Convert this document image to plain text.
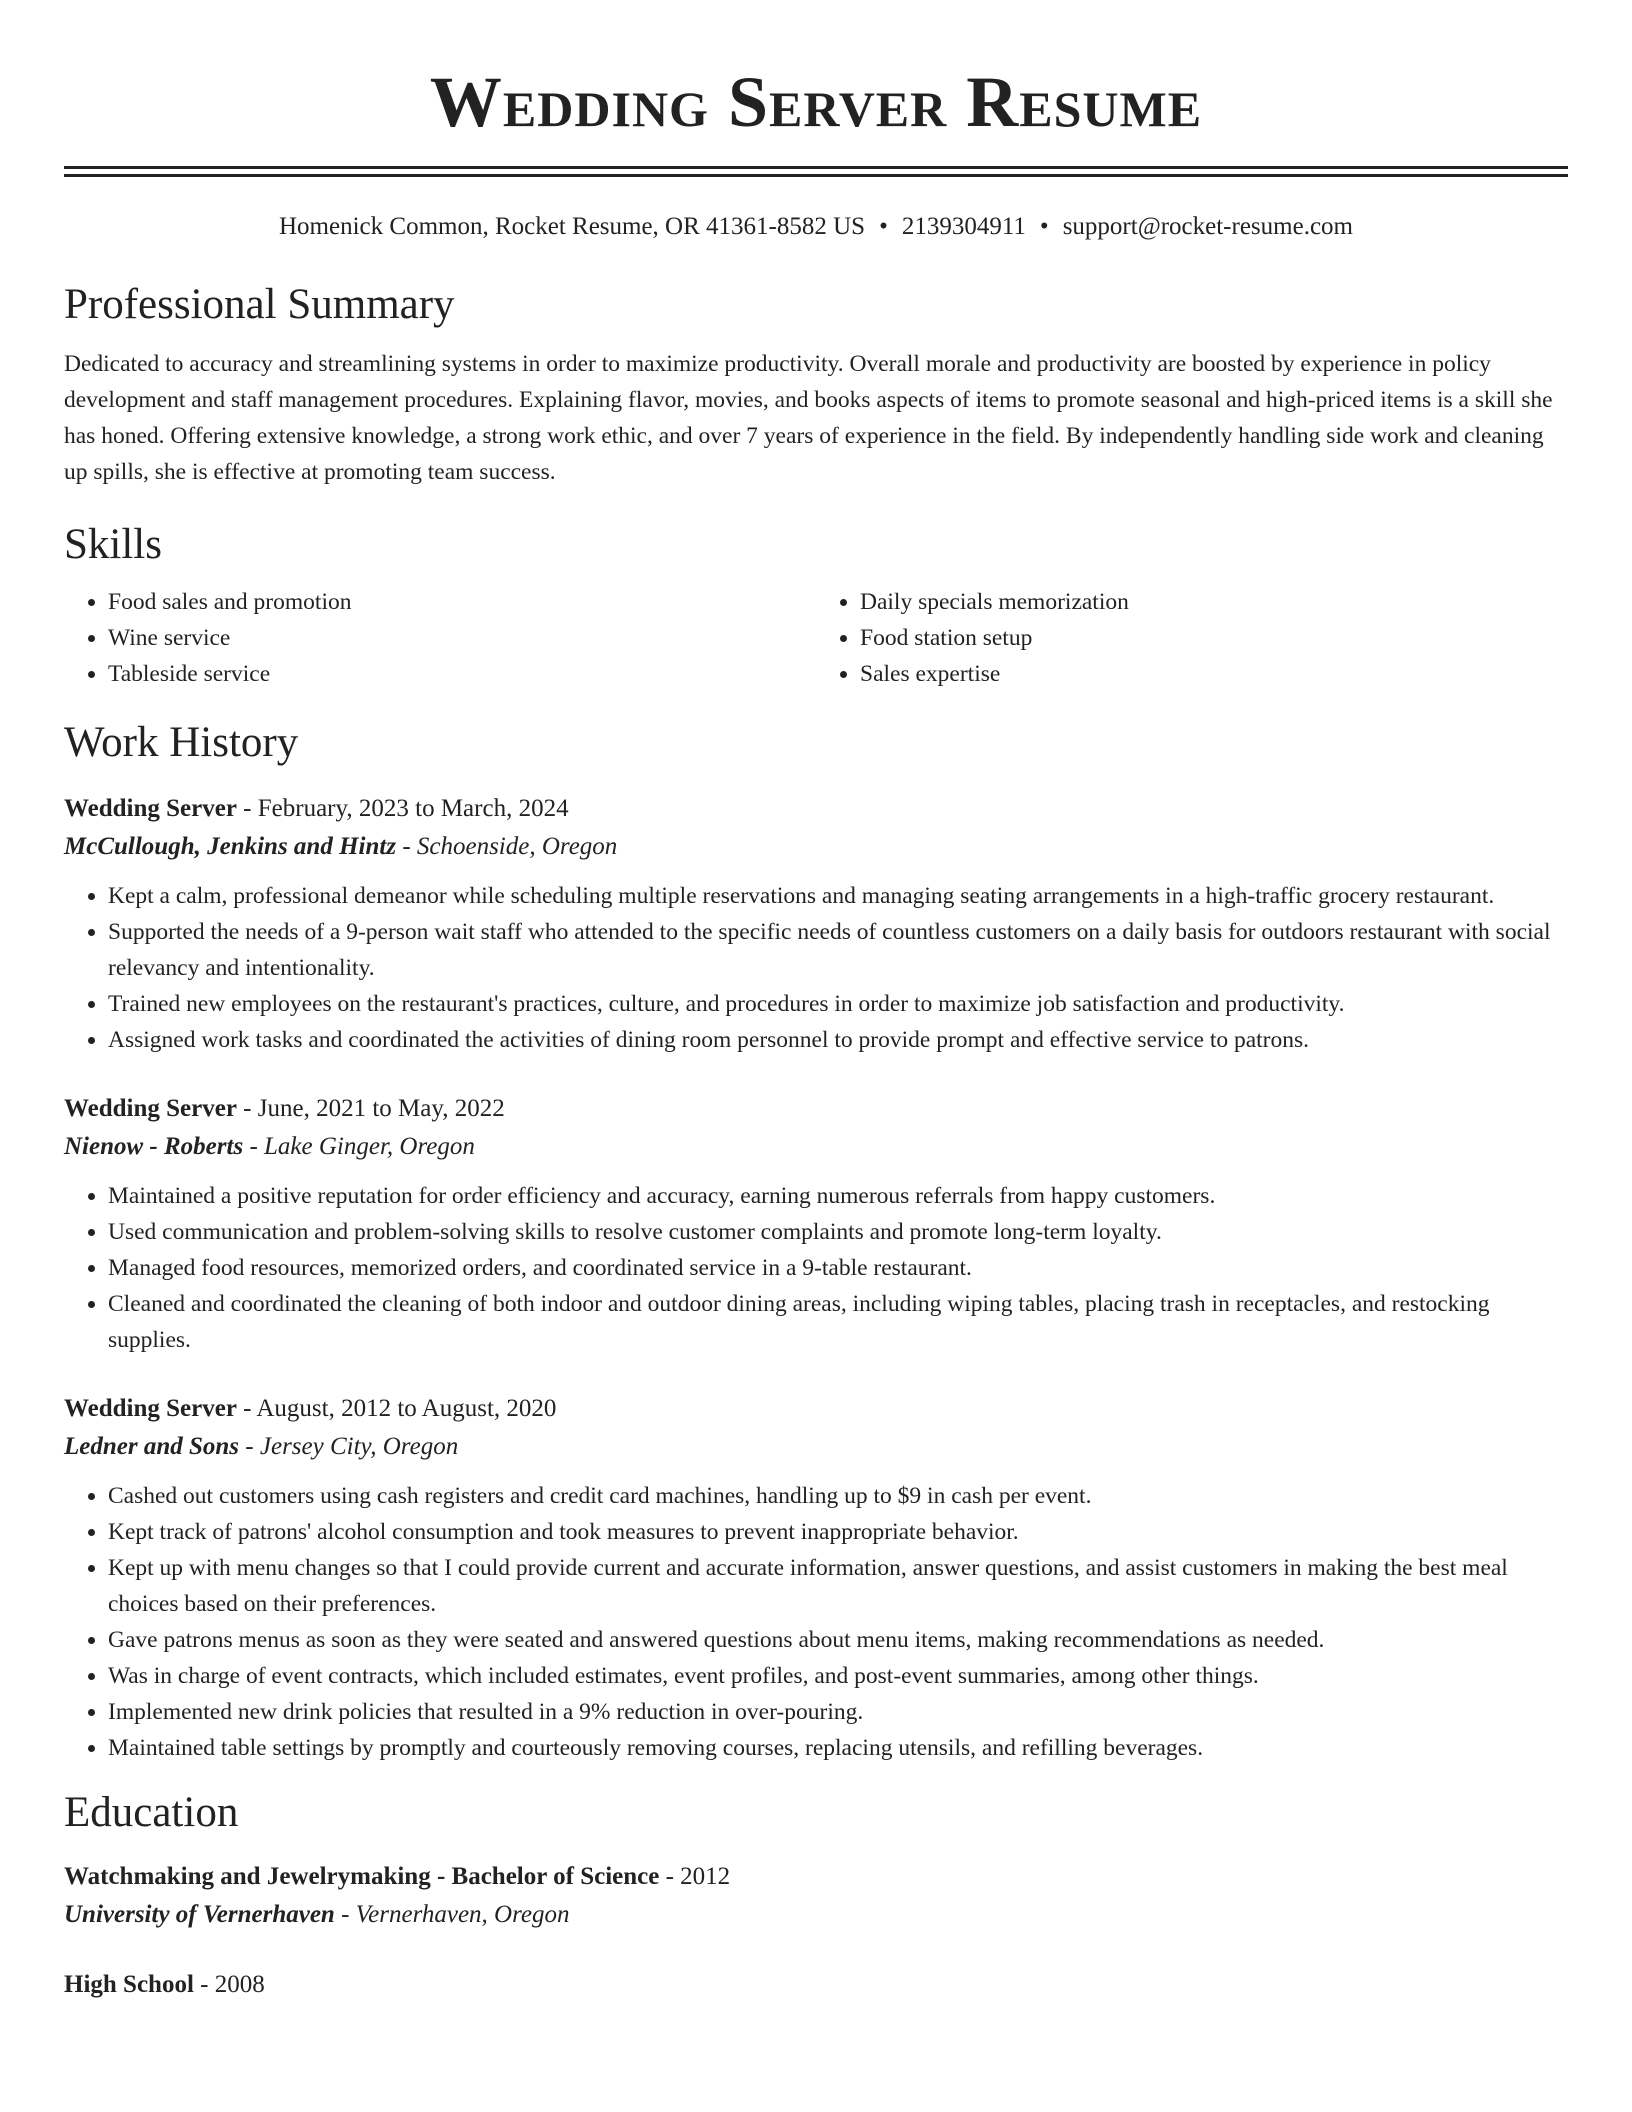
Wedding Server Resume
Homenick Common, Rocket Resume, OR 41361-8582 US • 2139304911 • support@rocket-resume.com
Professional Summary

Dedicated to accuracy and streamlining systems in order to maximize productivity. Overall morale and productivity are boosted by experience in policy development and staff management procedures. Explaining flavor, movies, and books aspects of items to promote seasonal and high-priced items is a skill she has honed. Offering extensive knowledge, a strong work ethic, and over 7 years of experience in the field. By independently handling side work and cleaning up spills, she is effective at promoting team success.

Skills
• Food sales and promotion
• Wine service
• Tableside service
• Daily specials memorization
• Food station setup
• Sales expertise
Work History
Wedding Server - February, 2023 to March, 2024
McCullough, Jenkins and Hintz - Schoenside, Oregon
• Kept a calm, professional demeanor while scheduling multiple reservations and managing seating arrangements in a high-traffic grocery restaurant.
• Supported the needs of a 9-person wait staff who attended to the specific needs of countless customers on a daily basis for outdoors restaurant with social relevancy and intentionality.
• Trained new employees on the restaurant's practices, culture, and procedures in order to maximize job satisfaction and productivity.
• Assigned work tasks and coordinated the activities of dining room personnel to provide prompt and effective service to patrons.
Wedding Server - June, 2021 to May, 2022
Nienow - Roberts - Lake Ginger, Oregon
• Maintained a positive reputation for order efficiency and accuracy, earning numerous referrals from happy customers.
• Used communication and problem-solving skills to resolve customer complaints and promote long-term loyalty.
• Managed food resources, memorized orders, and coordinated service in a 9-table restaurant.
• Cleaned and coordinated the cleaning of both indoor and outdoor dining areas, including wiping tables, placing trash in receptacles, and restocking supplies.
Wedding Server - August, 2012 to August, 2020
Ledner and Sons - Jersey City, Oregon
• Cashed out customers using cash registers and credit card machines, handling up to $9 in cash per event.
• Kept track of patrons' alcohol consumption and took measures to prevent inappropriate behavior.
• Kept up with menu changes so that I could provide current and accurate information, answer questions, and assist customers in making the best meal choices based on their preferences.
• Gave patrons menus as soon as they were seated and answered questions about menu items, making recommendations as needed.
• Was in charge of event contracts, which included estimates, event profiles, and post-event summaries, among other things.
• Implemented new drink policies that resulted in a 9% reduction in over-pouring.
• Maintained table settings by promptly and courteously removing courses, replacing utensils, and refilling beverages.
Education
Watchmaking and Jewelrymaking - Bachelor of Science - 2012
University of Vernerhaven - Vernerhaven, Oregon
High School - 2008
